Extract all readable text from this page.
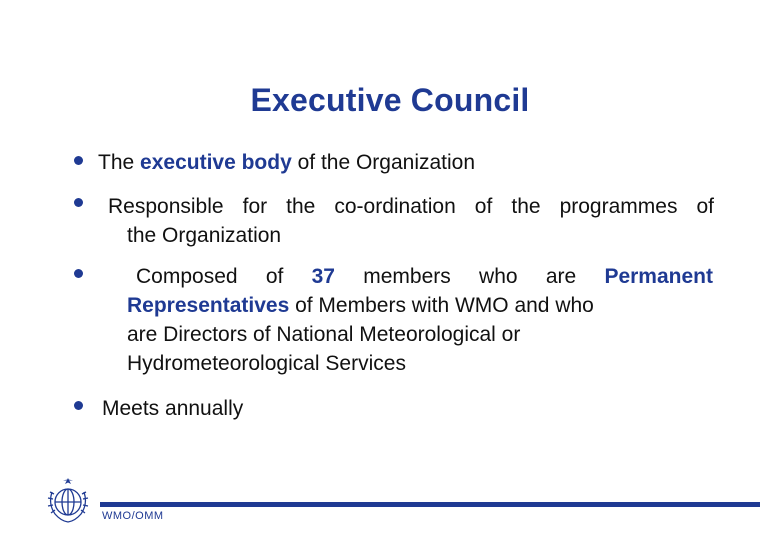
Executive Council
The executive body of the Organization
Responsible for the co-ordination of the programmes of
the Organization
Composed of 37 members who are Permanent
Representatives of Members with WMO and who
are Directors of National Meteorological or
Hydrometeorological Services
Meets annually
WMO/OMM
